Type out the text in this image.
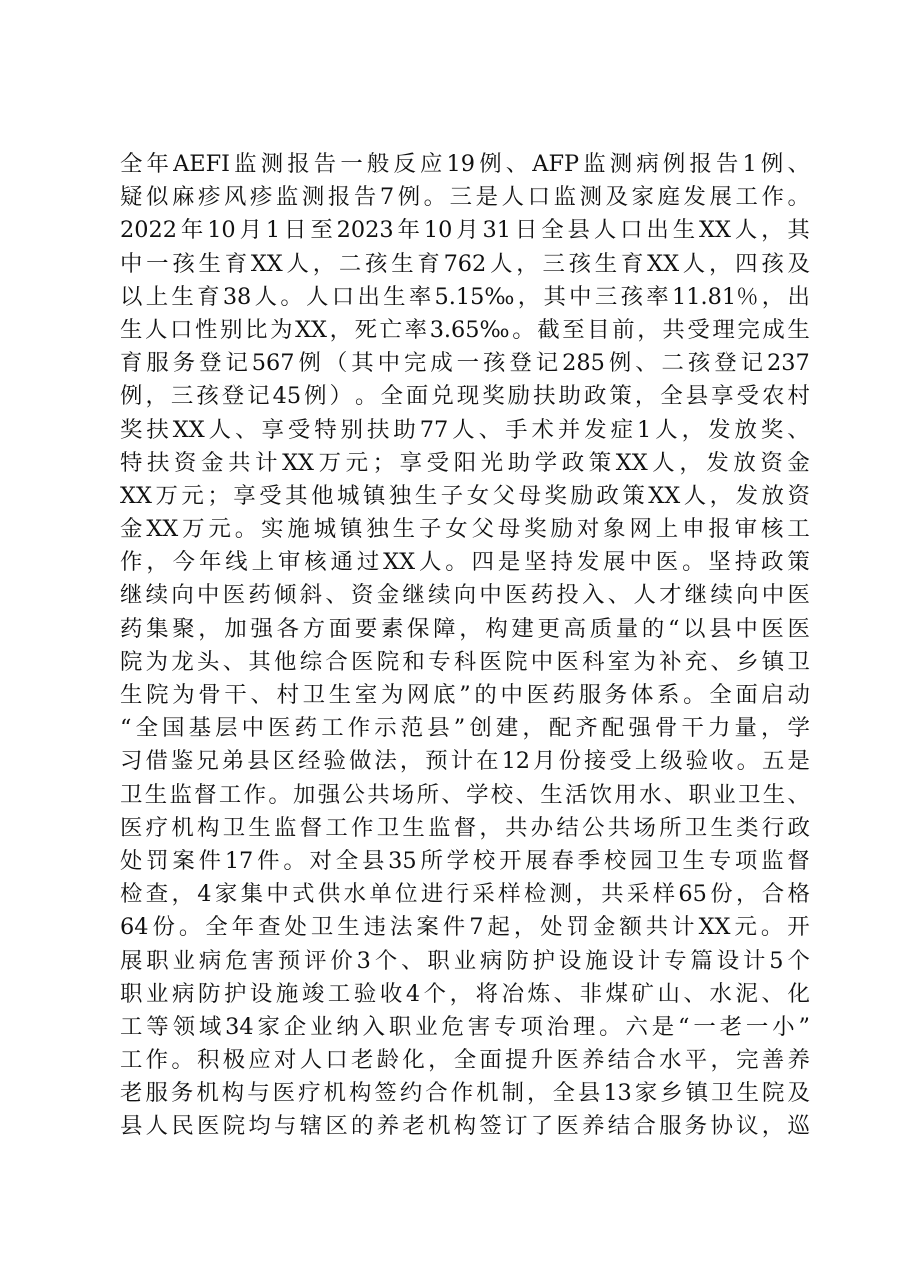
全 年 AEFI 监 测 报 告 一 般 反 应 19 例 、 AFP 监 测 病 例 报 告 1 例 、
疑 似 麻 疹 风 疹 监 测 报 告 7 例 。 三 是 人 口 监 测 及 家 庭 发 展 工 作 。
2022 年 10 月 1 日 至 2023 年 10 月 31 日 全 县 人 口 出 生 XX 人 ， 其
中 一 孩 生 育 XX 人 ， 二 孩 生 育 762 人 ， 三 孩 生 育 XX 人 ， 四 孩 及
以 上 生 育 38 人 。 人 口 出 生 率 5.15‰ ， 其 中 三 孩 率 11.81％ ， 出
生 人 口 性 别 比 为 XX ， 死 亡 率 3.65‰ 。 截 至 目 前 ， 共 受 理 完 成 生
育 服 务 登 记 567 例 （ 其 中 完 成 一 孩 登 记 285 例 、 二 孩 登 记 237
例 ， 三 孩 登 记 45 例 ） 。 全 面 兑 现 奖 励 扶 助 政 策 ， 全 县 享 受 农 村
奖 扶 XX 人 、 享 受 特 别 扶 助 77 人 、 手 术 并 发 症 1 人 ， 发 放 奖 、
特 扶 资 金 共 计 XX 万 元 ； 享 受 阳 光 助 学 政 策 XX 人 ， 发 放 资 金
XX 万 元 ； 享 受 其 他 城 镇 独 生 子 女 父 母 奖 励 政 策 XX 人 ， 发 放 资
金 XX 万 元 。 实 施 城 镇 独 生 子 女 父 母 奖 励 对 象 网 上 申 报 审 核 工
作 ， 今 年 线 上 审 核 通 过 XX 人 。 四 是 坚 持 发 展 中 医 。 坚 持 政 策
继 续 向 中 医 药 倾 斜 、 资 金 继 续 向 中 医 药 投 入 、 人 才 继 续 向 中 医
药 集 聚 ， 加 强 各 方 面 要 素 保 障 ， 构 建 更 高 质 量 的 “ 以 县 中 医 医
院 为 龙 头 、 其 他 综 合 医 院 和 专 科 医 院 中 医 科 室 为 补 充 、 乡 镇 卫
生 院 为 骨 干 、 村 卫 生 室 为 网 底 ” 的 中 医 药 服 务 体 系 。 全 面 启 动
“ 全 国 基 层 中 医 药 工 作 示 范 县 ” 创 建 ， 配 齐 配 强 骨 干 力 量 ， 学
习 借 鉴 兄 弟 县 区 经 验 做 法 ， 预 计 在 12 月 份 接 受 上 级 验 收 。 五 是
卫 生 监 督 工 作 。 加 强 公 共 场 所 、 学 校 、 生 活 饮 用 水 、 职 业 卫 生 、
医 疗 机 构 卫 生 监 督 工 作 卫 生 监 督 ， 共 办 结 公 共 场 所 卫 生 类 行 政
处 罚 案 件 17 件 。 对 全 县 35 所 学 校 开 展 春 季 校 园 卫 生 专 项 监 督
检 查 ， 4 家 集 中 式 供 水 单 位 进 行 采 样 检 测 ， 共 采 样 65 份 ， 合 格
64 份 。 全 年 查 处 卫 生 违 法 案 件 7 起 ， 处 罚 金 额 共 计 XX 元 。 开
展 职 业 病 危 害 预 评 价 3 个 、 职 业 病 防 护 设 施 设 计 专 篇 设 计 5 个
职 业 病 防 护 设 施 竣 工 验 收 4 个 ， 将 冶 炼 、 非 煤 矿 山 、 水 泥 、 化
工 等 领 域 34 家 企 业 纳 入 职 业 危 害 专 项 治 理 。 六 是 “ 一 老 一 小 ”
工 作 。 积 极 应 对 人 口 老 龄 化 ， 全 面 提 升 医 养 结 合 水 平 ， 完 善 养
老 服 务 机 构 与 医 疗 机 构 签 约 合 作 机 制 ， 全 县 13 家 乡 镇 卫 生 院 及
县 人 民 医 院 均 与 辖 区 的 养 老 机 构 签 订 了 医 养 结 合 服 务 协 议 ， 巡
